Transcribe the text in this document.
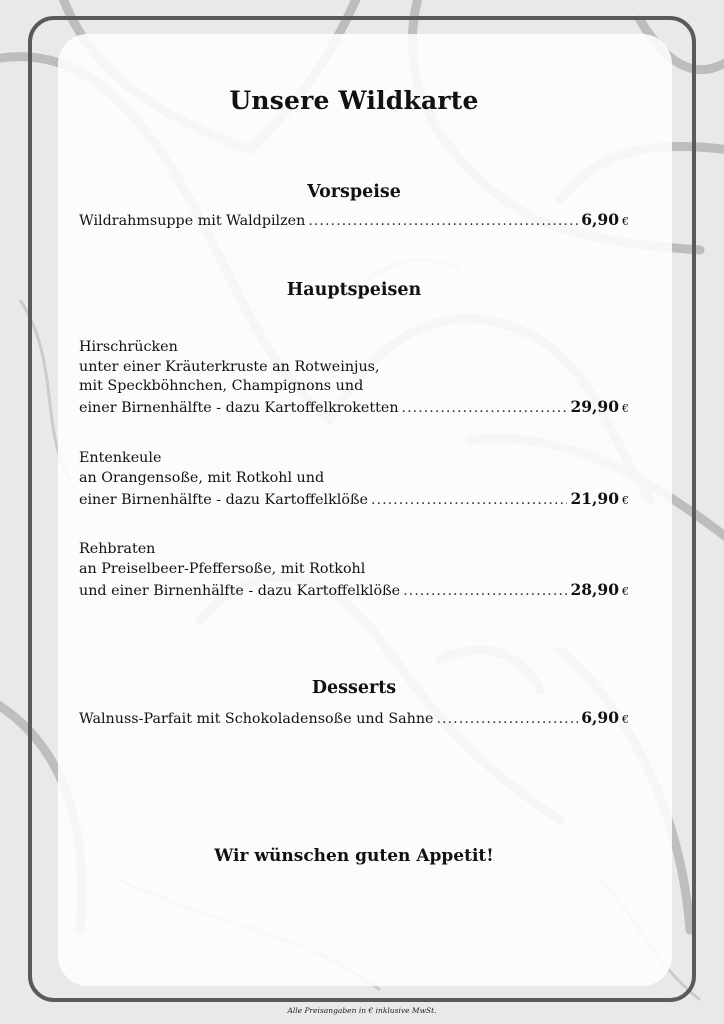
Unsere Wildkarte
Vorspeise
Wildrahmsuppe mit Waldpilzen .....	6,90 €
Hauptspeisen
Hirschrücken
unter einer Kräuterkruste an Rotweinjus,
mit Speckböhnchen, Champignons und
einer Birnenhälfte - dazu Kartoffelkroketten .....	29,90 €
Entenkeule
an Orangensoße, mit Rotkohl und
einer Birnenhälfte - dazu Kartoffelklöße .....	21,90 €
Rehbraten
an Preiselbeer-Pfeffersoße, mit Rotkohl
und einer Birnenhälfte - dazu Kartoffelklöße .....	28,90 €
Desserts
Walnuss-Parfait mit Schokoladensoße und Sahne .....	6,90 €
Wir wünschen guten Appetit!
Alle Preisangaben in € inklusive MwSt.
